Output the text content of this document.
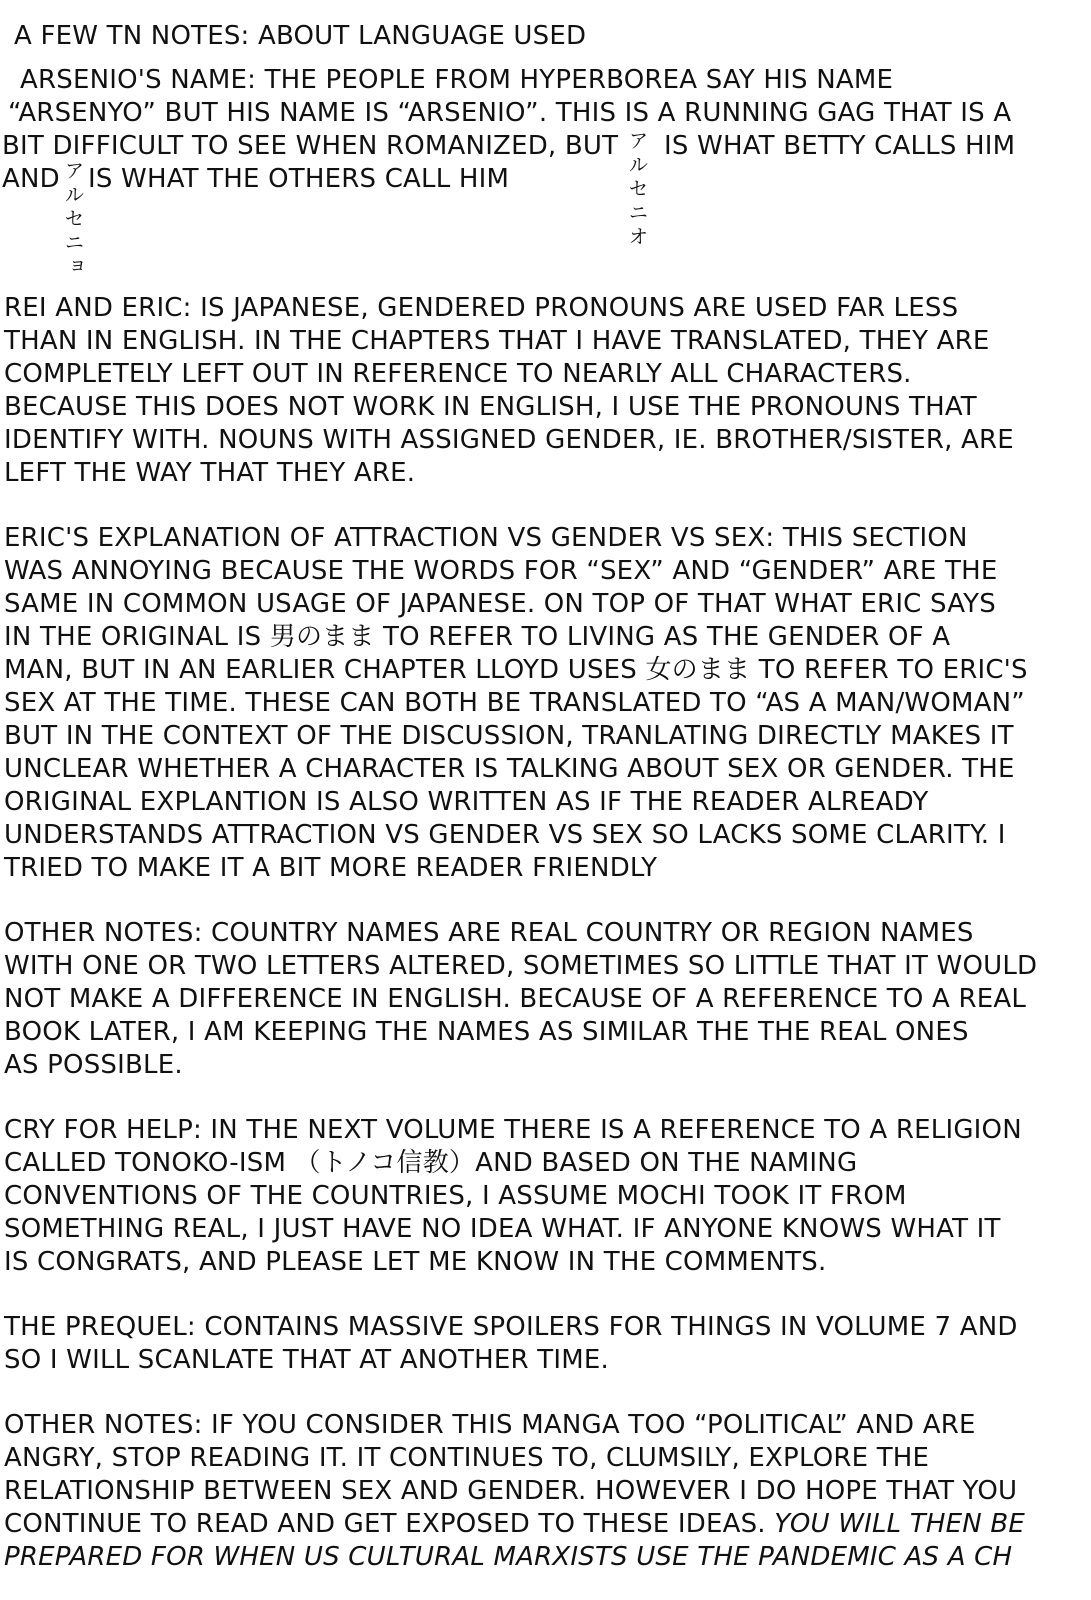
A FEW TN NOTES: ABOUT LANGUAGE USED
ARSENIO'S NAME: THE PEOPLE FROM HYPERBOREA SAY HIS NAME
“ARSENYO” BUT HIS NAME IS “ARSENIO”. THIS IS A RUNNING GAG THAT IS A
BIT DIFFICULT TO SEE WHEN ROMANIZED, BUT IS WHAT BETTY CALLS HIM
AND IS WHAT THE OTHERS CALL HIM	アルセニオ
アルセニョ
REI AND ERIC: IS JAPANESE, GENDERED PRONOUNS ARE USED FAR LESS
THAN IN ENGLISH. IN THE CHAPTERS THAT I HAVE TRANSLATED, THEY ARE
COMPLETELY LEFT OUT IN REFERENCE TO NEARLY ALL CHARACTERS.
BECAUSE THIS DOES NOT WORK IN ENGLISH, I USE THE PRONOUNS THAT
IDENTIFY WITH. NOUNS WITH ASSIGNED GENDER, IE. BROTHER/SISTER, ARE
LEFT THE WAY THAT THEY ARE.
ERIC'S EXPLANATION OF ATTRACTION VS GENDER VS SEX: THIS SECTION
WAS ANNOYING BECAUSE THE WORDS FOR “SEX” AND “GENDER” ARE THE
SAME IN COMMON USAGE OF JAPANESE. ON TOP OF THAT WHAT ERIC SAYS
IN THE ORIGINAL IS 男のまま TO REFER TO LIVING AS THE GENDER OF A
MAN, BUT IN AN EARLIER CHAPTER LLOYD USES 女のまま TO REFER TO ERIC'S
SEX AT THE TIME. THESE CAN BOTH BE TRANSLATED TO “AS A MAN/WOMAN”
BUT IN THE CONTEXT OF THE DISCUSSION, TRANLATING DIRECTLY MAKES IT
UNCLEAR WHETHER A CHARACTER IS TALKING ABOUT SEX OR GENDER. THE
ORIGINAL EXPLANTION IS ALSO WRITTEN AS IF THE READER ALREADY
UNDERSTANDS ATTRACTION VS GENDER VS SEX SO LACKS SOME CLARITY. I
TRIED TO MAKE IT A BIT MORE READER FRIENDLY
OTHER NOTES: COUNTRY NAMES ARE REAL COUNTRY OR REGION NAMES
WITH ONE OR TWO LETTERS ALTERED, SOMETIMES SO LITTLE THAT IT WOULD
NOT MAKE A DIFFERENCE IN ENGLISH. BECAUSE OF A REFERENCE TO A REAL
BOOK LATER, I AM KEEPING THE NAMES AS SIMILAR THE THE REAL ONES
AS POSSIBLE.
CRY FOR HELP: IN THE NEXT VOLUME THERE IS A REFERENCE TO A RELIGION
CALLED TONOKO-ISM （トノコ信教）AND BASED ON THE NAMING
CONVENTIONS OF THE COUNTRIES, I ASSUME MOCHI TOOK IT FROM
SOMETHING REAL, I JUST HAVE NO IDEA WHAT. IF ANYONE KNOWS WHAT IT
IS CONGRATS, AND PLEASE LET ME KNOW IN THE COMMENTS.
THE PREQUEL: CONTAINS MASSIVE SPOILERS FOR THINGS IN VOLUME 7 AND
SO I WILL SCANLATE THAT AT ANOTHER TIME.
OTHER NOTES: IF YOU CONSIDER THIS MANGA TOO “POLITICAL” AND ARE
ANGRY, STOP READING IT. IT CONTINUES TO, CLUMSILY, EXPLORE THE
RELATIONSHIP BETWEEN SEX AND GENDER. HOWEVER I DO HOPE THAT YOU
CONTINUE TO READ AND GET EXPOSED TO THESE IDEAS. YOU WILL THEN BE
PREPARED FOR WHEN US CULTURAL MARXISTS USE THE PANDEMIC AS A CH
